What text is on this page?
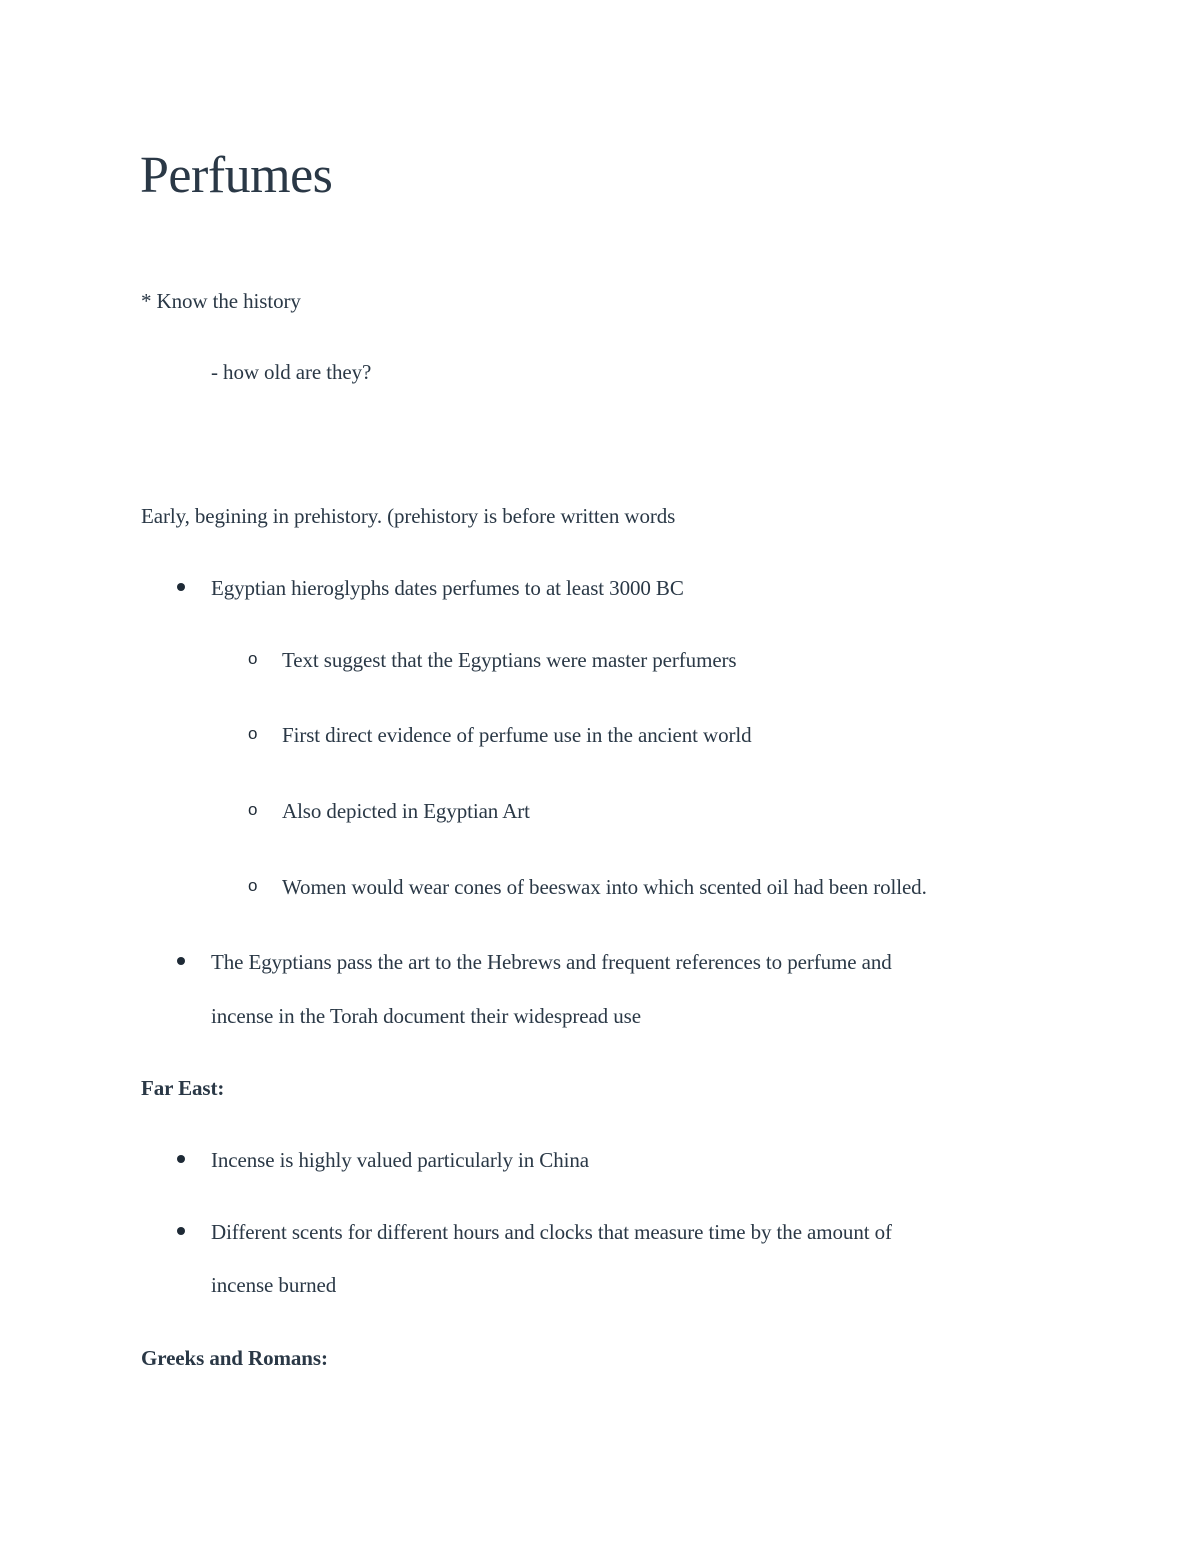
Perfumes
* Know the history
- how old are they?
Early, begining in prehistory. (prehistory is before written words
Egyptian hieroglyphs dates perfumes to at least 3000 BC
o Text suggest that the Egyptians were master perfumers
o First direct evidence of perfume use in the ancient world
o Also depicted in Egyptian Art
o Women would wear cones of beeswax into which scented oil had been rolled.
The Egyptians pass the art to the Hebrews and frequent references to perfume and
incense in the Torah document their widespread use
Far East:
Incense is highly valued particularly in China
Different scents for different hours and clocks that measure time by the amount of
incense burned
Greeks and Romans:
